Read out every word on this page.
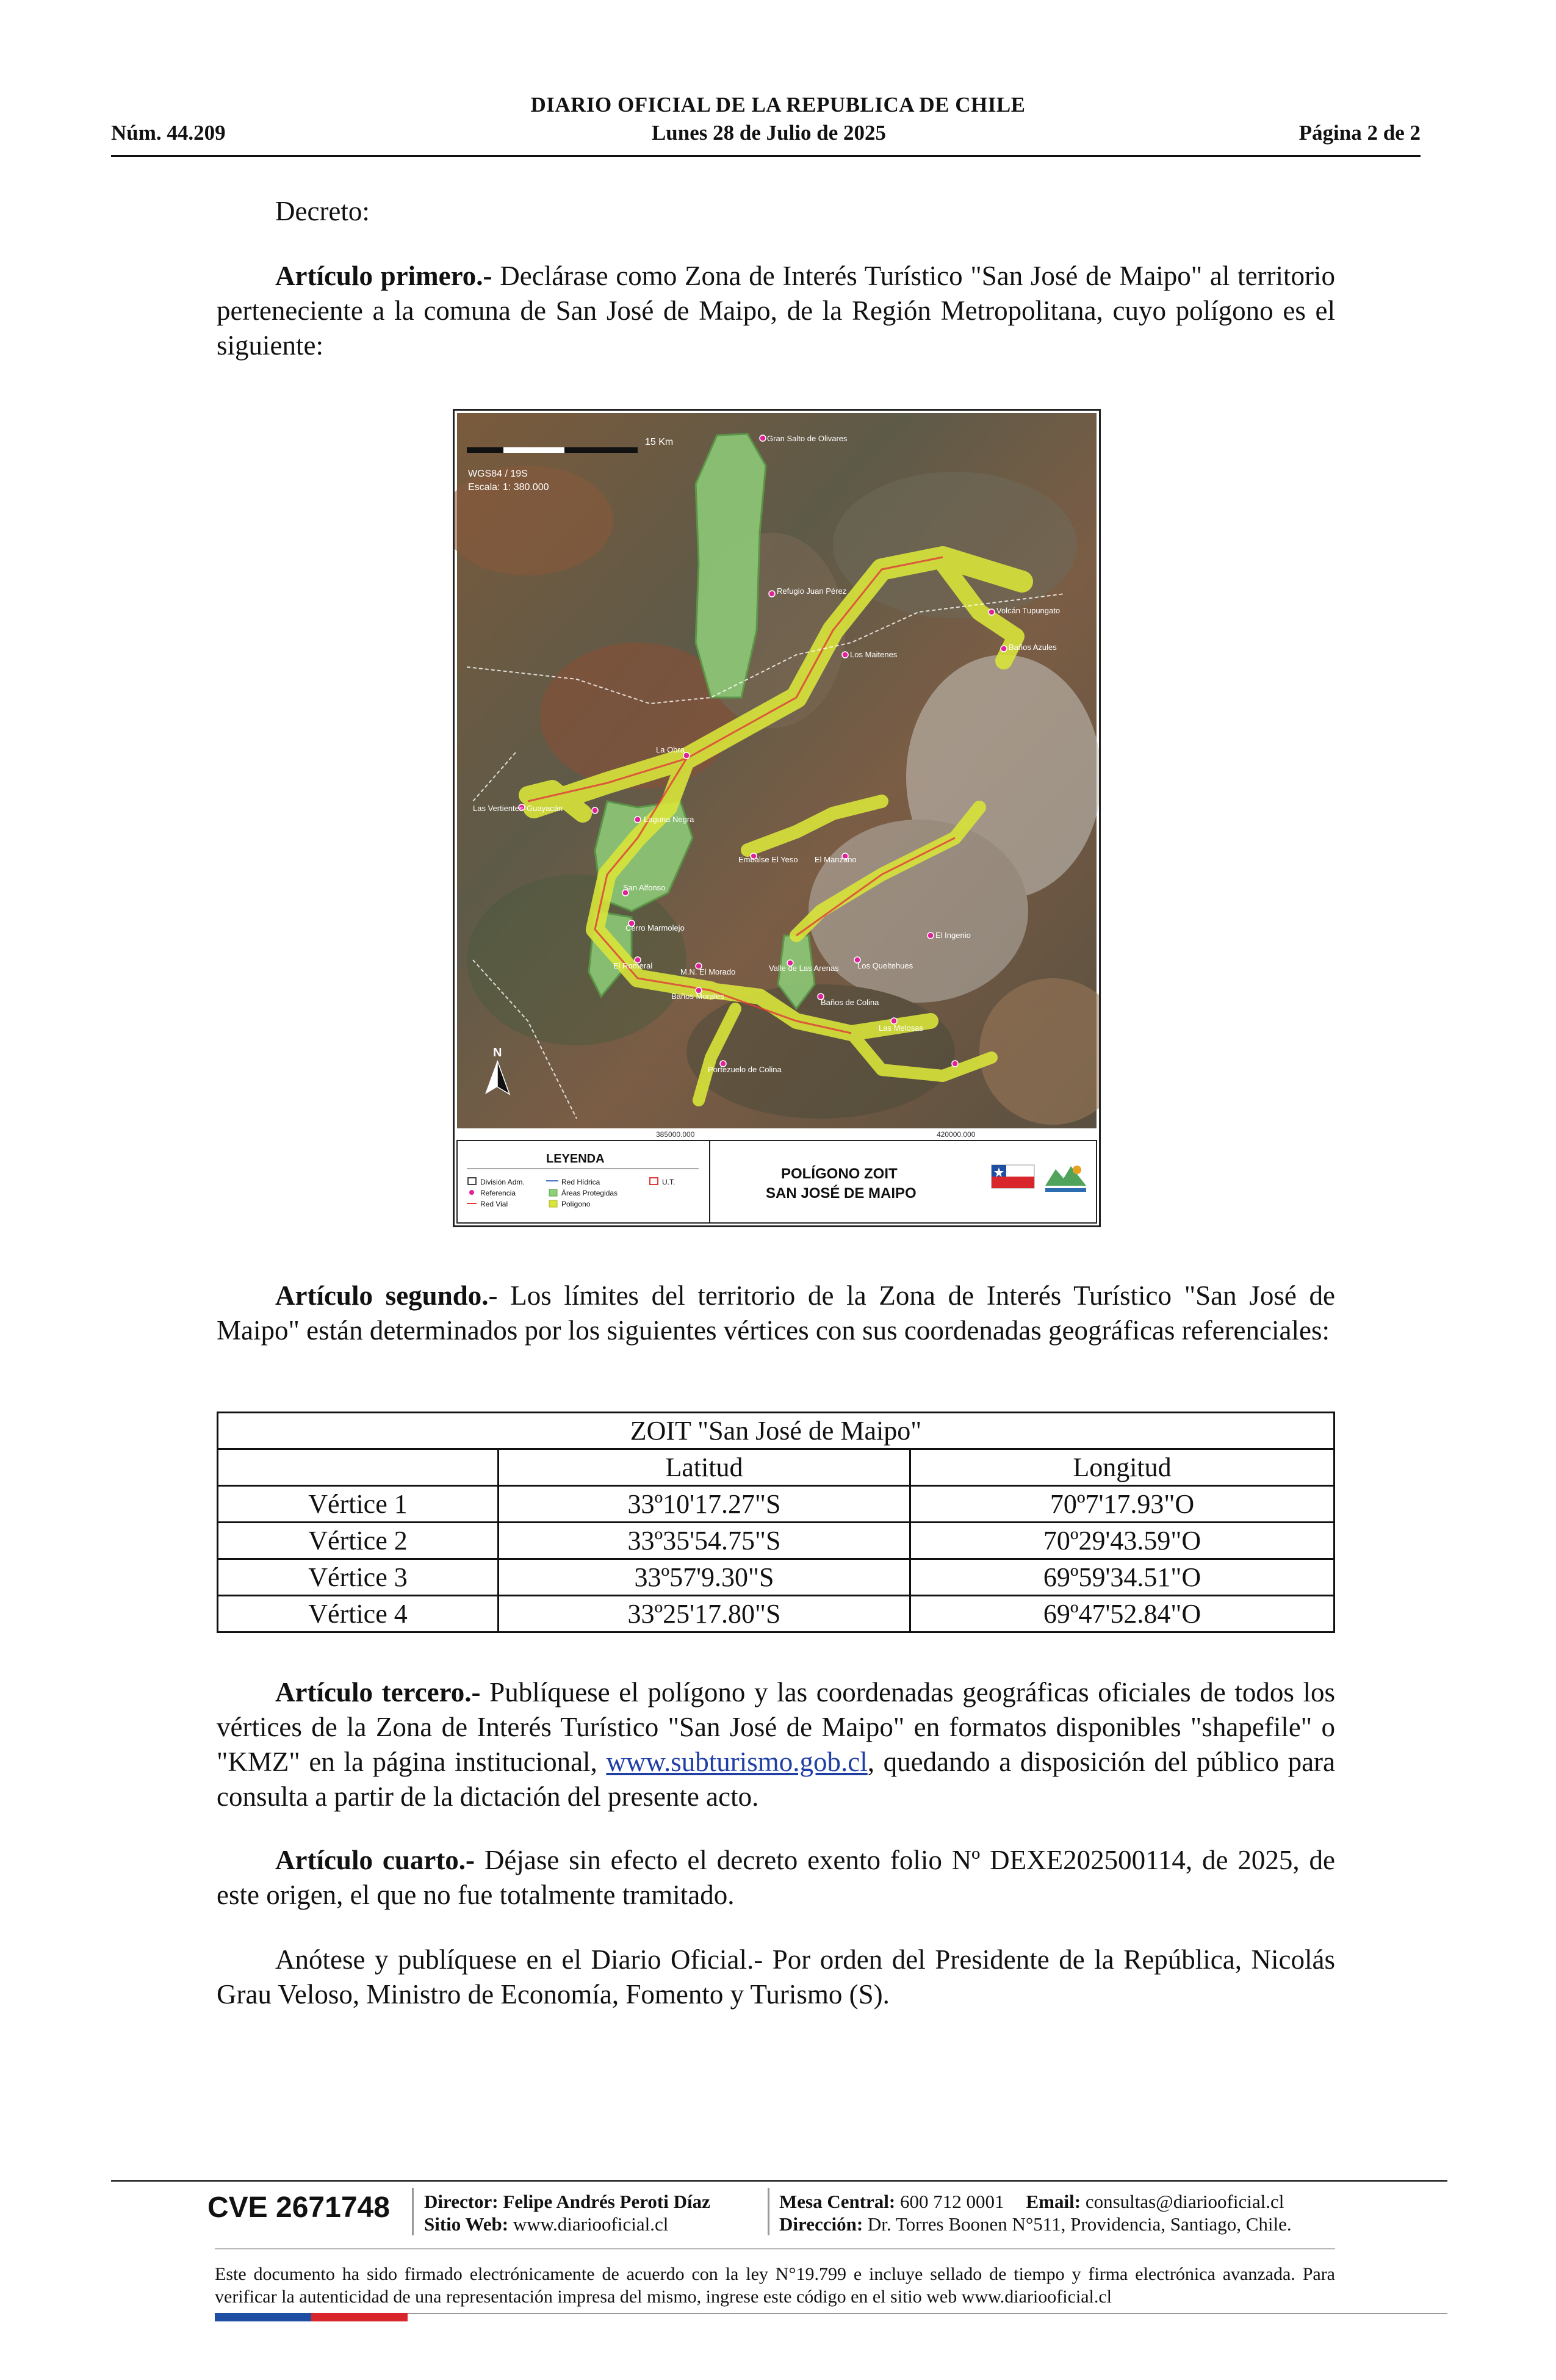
DIARIO OFICIAL DE LA REPUBLICA DE CHILE
Núm. 44.209	Lunes 28 de Julio de 2025	Página 2 de 2
Decreto:
Artículo primero.- Declárase como Zona de Interés Turístico "San José de Maipo" al territorio perteneciente a la comuna de San José de Maipo, de la Región Metropolitana, cuyo polígono es el siguiente:
15 Km
WGS84 / 19S
Escala: 1: 380.000
Gran Salto de Olivares
Refugio Juan Pérez
Volcán Tupungato
Los Maitenes
Baños Azules
La Obra
Las Vertientes Guayacán
Laguna Negra
Embalse El Yeso El Manzano
San Alfonso
Cerro Marmolejo
El Ingenio
El Romeral
M.N. El Morado	Valle de Las Arenas Los Queltehues
Baños Morales
Baños de Colina
Las Melosas
Portezuelo de Colina
N
385000.000	420000.000
LEYENDA
División Adm.	Red Hídrica	U.T.
Referencia	Áreas Protegidas
Red Vial	Polígono
POLÍGONO ZOIT
SAN JOSÉ DE MAIPO
Artículo segundo.- Los límites del territorio de la Zona de Interés Turístico "San José de Maipo" están determinados por los siguientes vértices con sus coordenadas geográficas referenciales:
ZOIT "San José de Maipo"		
	Latitud	Longitud
Vértice 1	33º10'17.27"S	70º7'17.93"O
Vértice 2	33º35'54.75"S	70º29'43.59"O
Vértice 3	33º57'9.30"S	69º59'34.51"O
Vértice 4	33º25'17.80"S	69º47'52.84"O
Artículo tercero.- Publíquese el polígono y las coordenadas geográficas oficiales de todos los vértices de la Zona de Interés Turístico "San José de Maipo" en formatos disponibles "shapefile" o "KMZ" en la página institucional, www.subturismo.gob.cl, quedando a disposición del público para consulta a partir de la dictación del presente acto.
Artículo cuarto.- Déjase sin efecto el decreto exento folio Nº DEXE202500114, de 2025, de este origen, el que no fue totalmente tramitado.
Anótese y publíquese en el Diario Oficial.- Por orden del Presidente de la República, Nicolás Grau Veloso, Ministro de Economía, Fomento y Turismo (S).
CVE 2671748 Director: Felipe Andrés Peroti Díaz
Sitio Web: www.diariooficial.cl
Mesa Central: 600 712 0001 Email: consultas@diariooficial.cl
Dirección: Dr. Torres Boonen N°511, Providencia, Santiago, Chile.
Este documento ha sido firmado electrónicamente de acuerdo con la ley N°19.799 e incluye sellado de tiempo y firma electrónica avanzada. Para verificar la autenticidad de una representación impresa del mismo, ingrese este código en el sitio web www.diariooficial.cl
